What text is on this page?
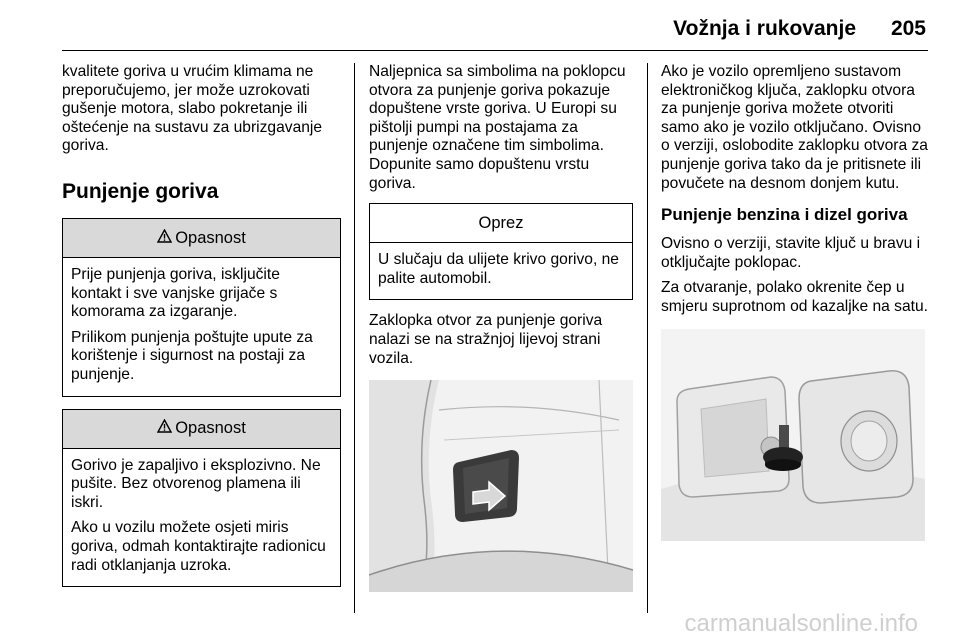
Vožnja i rukovanje 205

kvalitete goriva u vrućim klimama ne preporučujemo, jer može uzrokovati gušenje motora, slabo pokretanje ili oštećenje na sustavu za ubrizgavanje goriva.

Punjenje goriva
Opasnost

Prije punjenja goriva, isključite kontakt i sve vanjske grijače s komorama za izgaranje.

Prilikom punjenja poštujte upute za korištenje i sigurnost na postaji za punjenje.

Opasnost

Gorivo je zapaljivo i eksplozivno. Ne pušite. Bez otvorenog plamena ili iskri.

Ako u vozilu možete osjeti miris goriva, odmah kontaktirajte radionicu radi otklanjanja uzroka.

Naljepnica sa simbolima na poklopcu otvora za punjenje goriva pokazuje dopuštene vrste goriva. U Europi su pištolji pumpi na postajama za punjenje označene tim simbolima. Dopunite samo dopuštenu vrstu goriva.

Oprez

U slučaju da ulijete krivo gorivo, ne palite automobil.

Zaklopka otvor za punjenje goriva nalazi se na stražnjoj lijevoj strani vozila.

Ako je vozilo opremljeno sustavom elektroničkog ključa, zaklopku otvora za punjenje goriva možete otvoriti samo ako je vozilo otključano. Ovisno o verziji, oslobodite zaklopku otvora za punjenje goriva tako da je pritisnete ili povučete na desnom donjem kutu.

Punjenje benzina i dizel goriva

Ovisno o verziji, stavite ključ u bravu i otključajte poklopac.

Za otvaranje, polako okrenite čep u smjeru suprotnom od kazaljke na satu.

carmanualsonline.info
